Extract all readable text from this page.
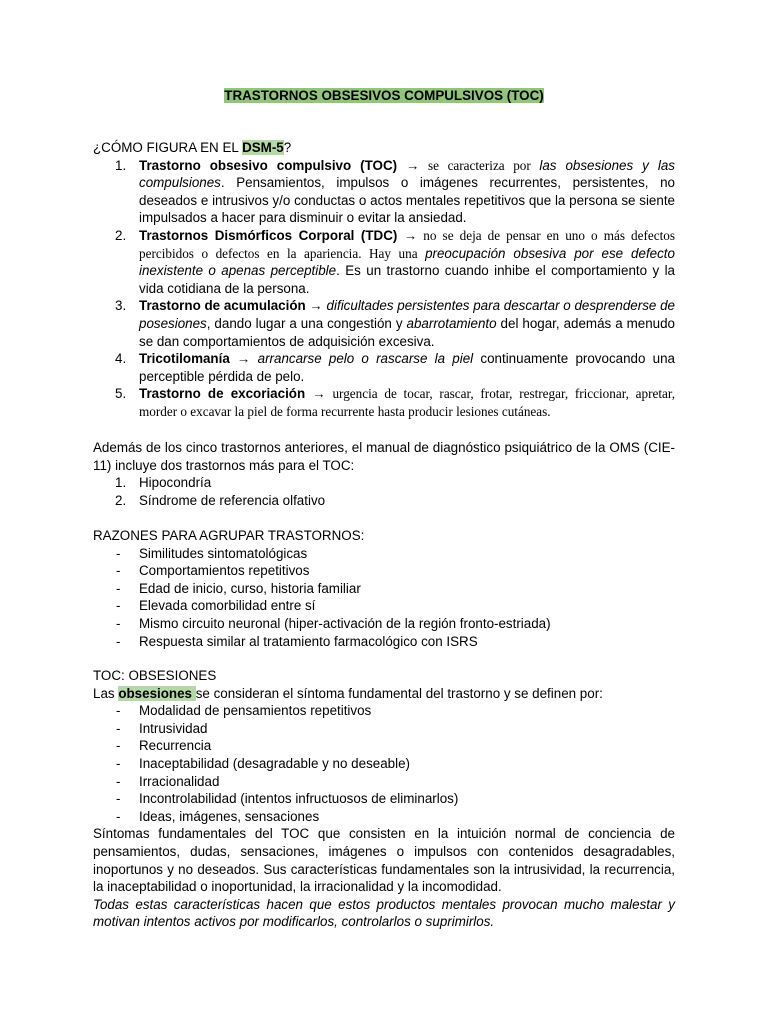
TRASTORNOS OBSESIVOS COMPULSIVOS (TOC)

¿CÓMO FIGURA EN EL DSM-5?

1. Trastorno obsesivo compulsivo (TOC) → se caracteriza por las obsesiones y las compulsiones. Pensamientos, impulsos o imágenes recurrentes, persistentes, no deseados e intrusivos y/o conductas o actos mentales repetitivos que la persona se siente impulsados a hacer para disminuir o evitar la ansiedad.
2. Trastornos Dismórficos Corporal (TDC) → no se deja de pensar en uno o más defectos percibidos o defectos en la apariencia. Hay una preocupación obsesiva por ese defecto inexistente o apenas perceptible. Es un trastorno cuando inhibe el comportamiento y la vida cotidiana de la persona.
3. Trastorno de acumulación → dificultades persistentes para descartar o desprenderse de posesiones, dando lugar a una congestión y abarrotamiento del hogar, además a menudo se dan comportamientos de adquisición excesiva.
4. Tricotilomanía → arrancarse pelo o rascarse la piel continuamente provocando una perceptible pérdida de pelo.
5. Trastorno de excoriación → urgencia de tocar, rascar, frotar, restregar, friccionar, apretar, morder o excavar la piel de forma recurrente hasta producir lesiones cutáneas.

Además de los cinco trastornos anteriores, el manual de diagnóstico psiquiátrico de la OMS (CIE-11) incluye dos trastornos más para el TOC:

1. Hipocondría
2. Síndrome de referencia olfativo

RAZONES PARA AGRUPAR TRASTORNOS:

- Similitudes sintomatológicas
- Comportamientos repetitivos
- Edad de inicio, curso, historia familiar
- Elevada comorbilidad entre sí
- Mismo circuito neuronal (hiper-activación de la región fronto-estriada)
- Respuesta similar al tratamiento farmacológico con ISRS

TOC: OBSESIONES

Las obsesiones se consideran el síntoma fundamental del trastorno y se definen por:

- Modalidad de pensamientos repetitivos
- Intrusividad
- Recurrencia
- Inaceptabilidad (desagradable y no deseable)
- Irracionalidad
- Incontrolabilidad (intentos infructuosos de eliminarlos)
- Ideas, imágenes, sensaciones

Síntomas fundamentales del TOC que consisten en la intuición normal de conciencia de pensamientos, dudas, sensaciones, imágenes o impulsos con contenidos desagradables, inoportunos y no deseados. Sus características fundamentales son la intrusividad, la recurrencia, la inaceptabilidad o inoportunidad, la irracionalidad y la incomodidad.

Todas estas características hacen que estos productos mentales provocan mucho malestar y motivan intentos activos por modificarlos, controlarlos o suprimirlos.
